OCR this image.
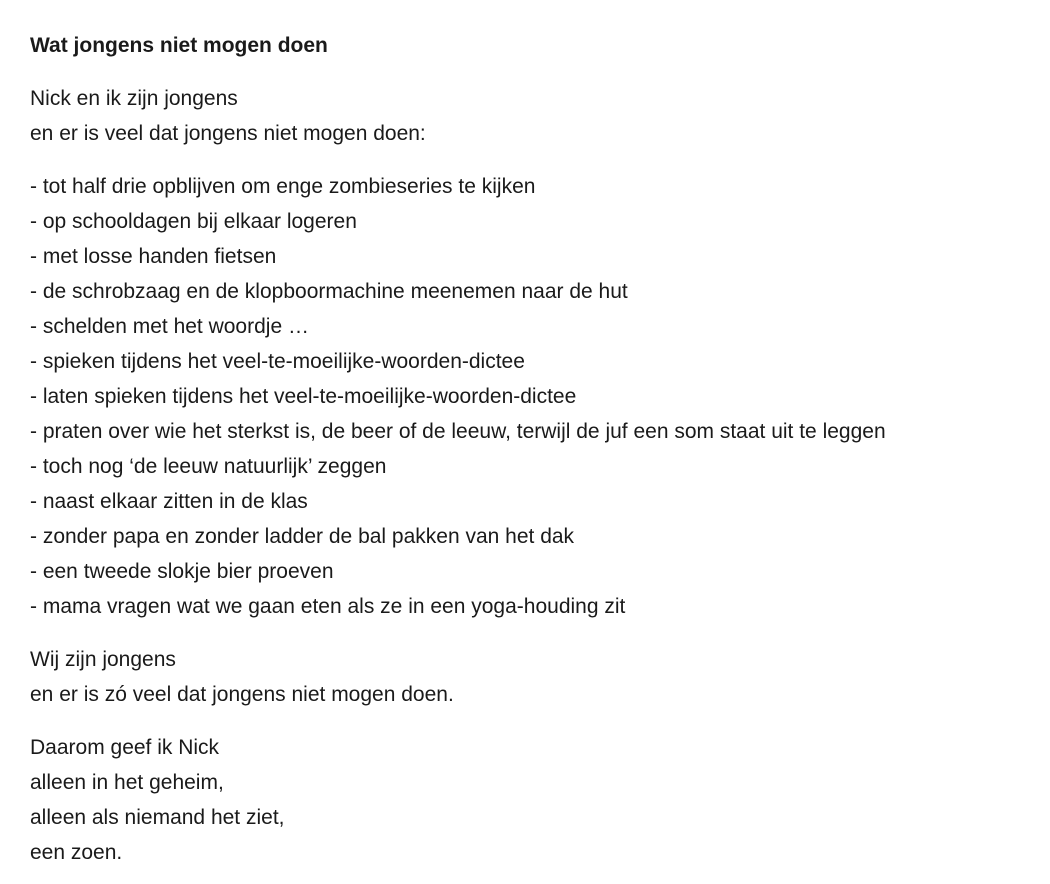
Wat jongens niet mogen doen
Nick en ik zijn jongens
en er is veel dat jongens niet mogen doen:
- tot half drie opblijven om enge zombieseries te kijken
- op schooldagen bij elkaar logeren
- met losse handen fietsen
- de schrobzaag en de klopboormachine meenemen naar de hut
- schelden met het woordje …
- spieken tijdens het veel-te-moeilijke-woorden-dictee
- laten spieken tijdens het veel-te-moeilijke-woorden-dictee
- praten over wie het sterkst is, de beer of de leeuw, terwijl de juf een som staat uit te leggen
- toch nog ‘de leeuw natuurlijk’ zeggen
- naast elkaar zitten in de klas
- zonder papa en zonder ladder de bal pakken van het dak
- een tweede slokje bier proeven
- mama vragen wat we gaan eten als ze in een yoga-houding zit
Wij zijn jongens
en er is zó veel dat jongens niet mogen doen.
Daarom geef ik Nick
alleen in het geheim,
alleen als niemand het ziet,
een zoen.
